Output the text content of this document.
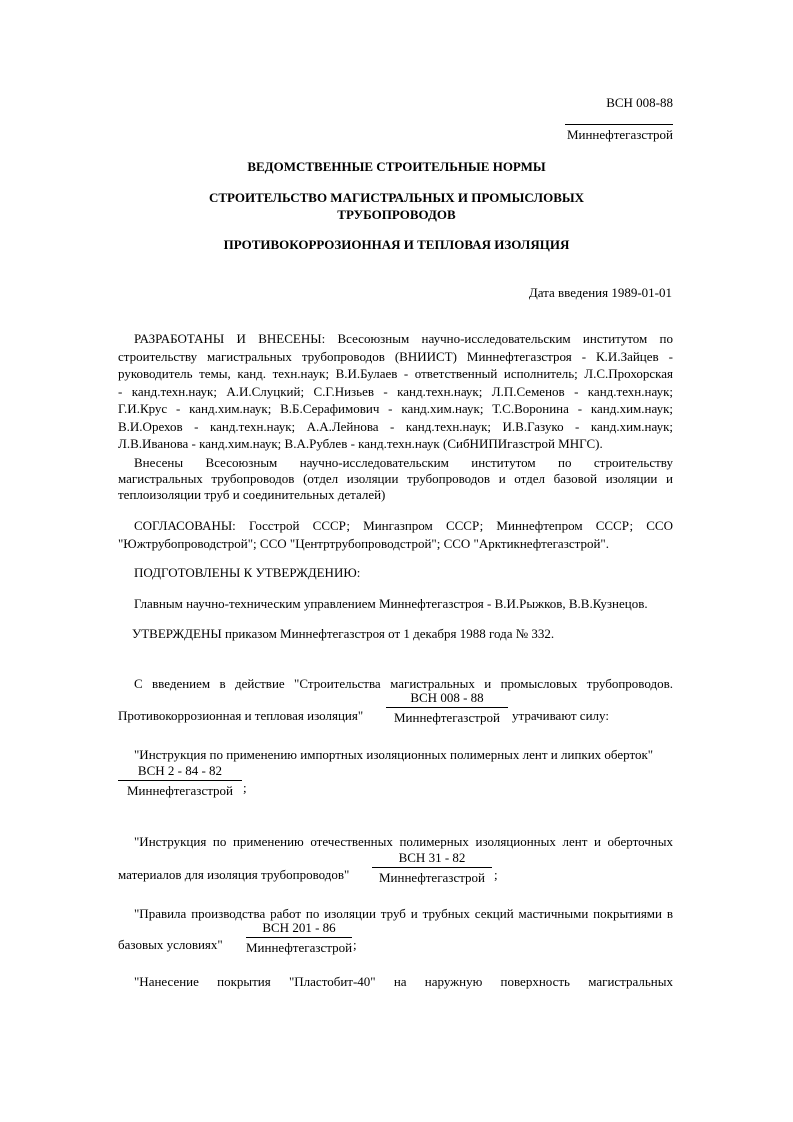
ВСН 008-88
Миннефтегазстрой
ВЕДОМСТВЕННЫЕ СТРОИТЕЛЬНЫЕ НОРМЫ
СТРОИТЕЛЬСТВО МАГИСТРАЛЬНЫХ И ПРОМЫСЛОВЫХ
ТРУБОПРОВОДОВ
ПРОТИВОКОРРОЗИОННАЯ И ТЕПЛОВАЯ ИЗОЛЯЦИЯ
Дата введения 1989-01-01
РАЗРАБОТАНЫ И ВНЕСЕНЫ: Всесоюзным научно-исследовательским институтом по
строительству магистральных трубопроводов (ВНИИСТ) Миннефтегазстроя - К.И.Зайцев -
руководитель темы, канд. техн.наук; В.И.Булаев - ответственный исполнитель; Л.С.Прохорская
- канд.техн.наук; А.И.Слуцкий; С.Г.Низьев - канд.техн.наук; Л.П.Семенов - канд.техн.наук;
Г.И.Крус - канд.хим.наук; В.Б.Серафимович - канд.хим.наук; Т.С.Воронина - канд.хим.наук;
В.И.Орехов - канд.техн.наук; А.А.Лейнова - канд.техн.наук; И.В.Газуко - канд.хим.наук;
Л.В.Иванова - канд.хим.наук; В.А.Рублев - канд.техн.наук (СибНИПИгазстрой МНГС).
Внесены Всесоюзным научно-исследовательским институтом по строительству
магистральных трубопроводов (отдел изоляции трубопроводов и отдел базовой изоляции и
теплоизоляции труб и соединительных деталей)
СОГЛАСОВАНЫ: Госстрой СССР; Мингазпром СССР; Миннефтепром СССР; ССО
"Южтрубопроводстрой"; ССО "Центртрубопроводстрой"; ССО "Арктикнефтегазстрой".
ПОДГОТОВЛЕНЫ К УТВЕРЖДЕНИЮ:
Главным научно-техническим управлением Миннефтегазстроя - В.И.Рыжков, В.В.Кузнецов.
УТВЕРЖДЕНЫ приказом Миннефтегазстроя от 1 декабря 1988 года № 332.
С введением в действие "Строительства магистральных и промысловых трубопроводов.
Противокоррозионная и тепловая изоляция"
ВСН 008 - 88
Миннефтегазстрой утрачивают силу:
"Инструкция по применению импортных изоляционных полимерных лент и липких оберток"
ВСН 2 - 84 - 82
Миннефтегазстрой ;
"Инструкция по применению отечественных полимерных изоляционных лент и оберточных
материалов для изоляция трубопроводов"
ВСН 31 - 82
Миннефтегазстрой ;
"Правила производства работ по изоляции труб и трубных секций мастичными покрытиями в
базовых условиях"
ВСН 201 - 86
Миннефтегазстрой ;
"Нанесение покрытия "Пластобит-40" на наружную поверхность магистральных
